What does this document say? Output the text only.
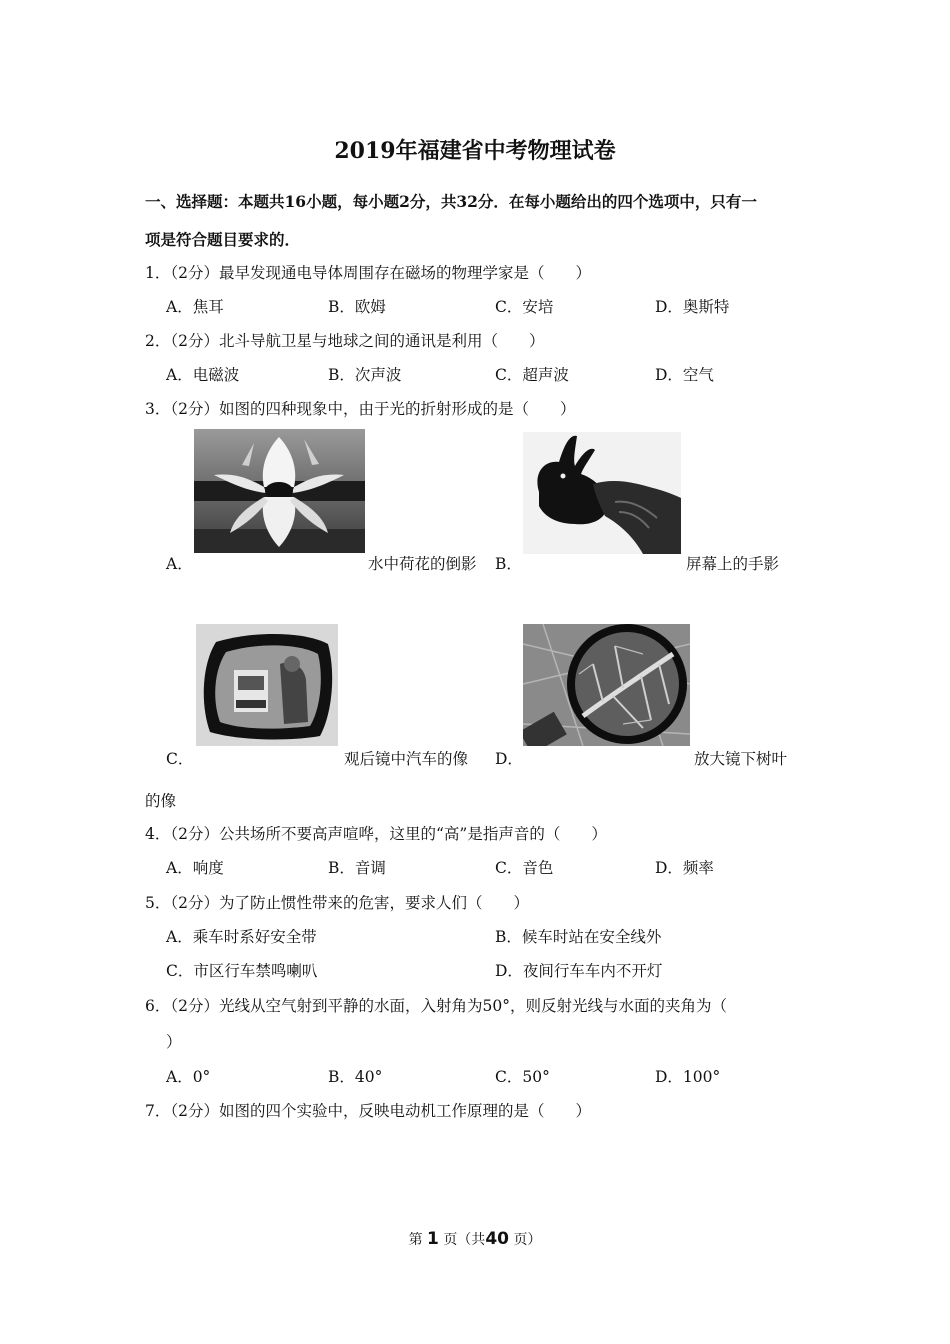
2019年福建省中考物理试卷
一、选择题：本题共16小题，每小题2分，共32分．在每小题给出的四个选项中，只有一
项是符合题目要求的．
1．（2分）最早发现通电导体周围存在磁场的物理学家是（　　）
A．焦耳	B．欧姆	C．安培	D．奥斯特
2．（2分）北斗导航卫星与地球之间的通讯是利用（　　）
A．电磁波	B．次声波	C．超声波	D．空气
3．（2分）如图的四种现象中，由于光的折射形成的是（　　）
A．	水中荷花的倒影 B．	屏幕上的手影
C．	观后镜中汽车的像 D．	放大镜下树叶
的像
4．（2分）公共场所不要高声喧哗，这里的“高”是指声音的（　　）
A．响度	B．音调	C．音色	D．频率
5．（2分）为了防止惯性带来的危害，要求人们（　　）
A．乘车时系好安全带	B．候车时站在安全线外
C．市区行车禁鸣喇叭	D．夜间行车车内不开灯
6．（2分）光线从空气射到平静的水面，入射角为50°，则反射光线与水面的夹角为（
）
A．0°	B．40°	C．50°	D．100°
7．（2分）如图的四个实验中，反映电动机工作原理的是（　　）
第 1 页（共40 页）
